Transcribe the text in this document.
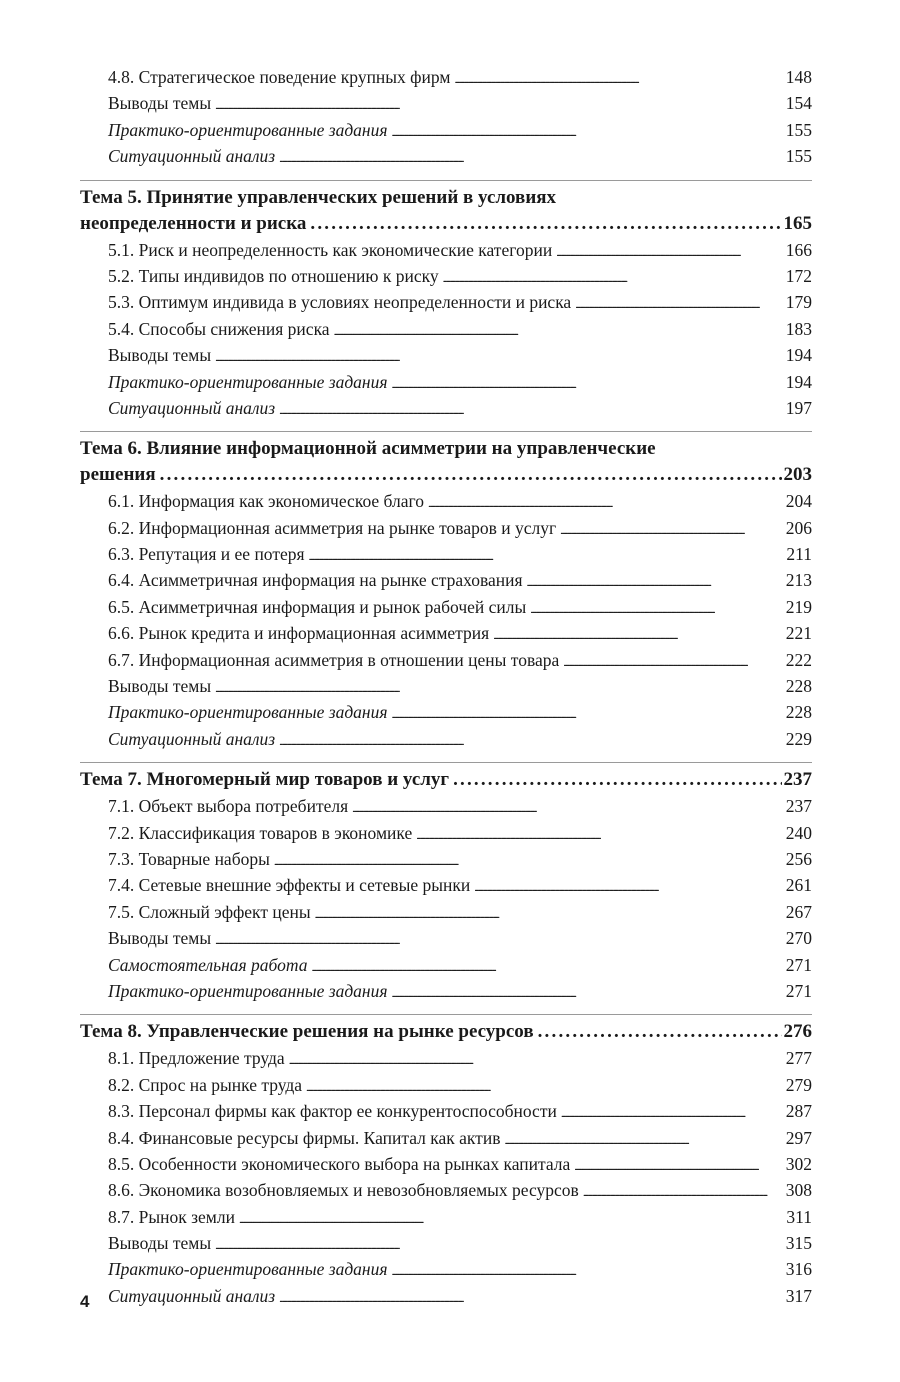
4.8. Стратегическое поведение крупных фирм . . .	148
Выводы темы . . .	154
Практико-ориентированные задания . . .	155
Ситуационный анализ . . .	155
Тема 5. Принятие управленческих решений в условиях
неопределенности и риска .....	165
5.1. Риск и неопределенность как экономические категории . . .	166
5.2. Типы индивидов по отношению к риску . . .	172
5.3. Оптимум индивида в условиях неопределенности и риска . . .	179
5.4. Способы снижения риска . . .	183
Выводы темы . . .	194
Практико-ориентированные задания . . .	194
Ситуационный анализ . . .	197
Тема 6. Влияние информационной асимметрии на управленческие
решения .....	203
6.1. Информация как экономическое благо . . .	204
6.2. Информационная асимметрия на рынке товаров и услуг . . .	206
6.3. Репутация и ее потеря . . .	211
6.4. Асимметричная информация на рынке страхования . . .	213
6.5. Асимметричная информация и рынок рабочей силы . . .	219
6.6. Рынок кредита и информационная асимметрия . . .	221
6.7. Информационная асимметрия в отношении цены товара . . .	222
Выводы темы . . .	228
Практико-ориентированные задания . . .	228
Ситуационный анализ . . .	229
Тема 7. Многомерный мир товаров и услуг .....	237
7.1. Объект выбора потребителя . . .	237
7.2. Классификация товаров в экономике . . .	240
7.3. Товарные наборы . . .	256
7.4. Сетевые внешние эффекты и сетевые рынки . . .	261
7.5. Сложный эффект цены . . .	267
Выводы темы . . .	270
Самостоятельная работа . . .	271
Практико-ориентированные задания . . .	271
Тема 8. Управленческие решения на рынке ресурсов .....	276
8.1. Предложение труда . . .	277
8.2. Спрос на рынке труда . . .	279
8.3. Персонал фирмы как фактор ее конкурентоспособности . . .	287
8.4. Финансовые ресурсы фирмы. Капитал как актив . . .	297
8.5. Особенности экономического выбора на рынках капитала . . .	302
8.6. Экономика возобновляемых и невозобновляемых ресурсов . . .	308
8.7. Рынок земли . . .	311
Выводы темы . . .	315
Практико-ориентированные задания . . .	316
Ситуационный анализ . . .	317
4
